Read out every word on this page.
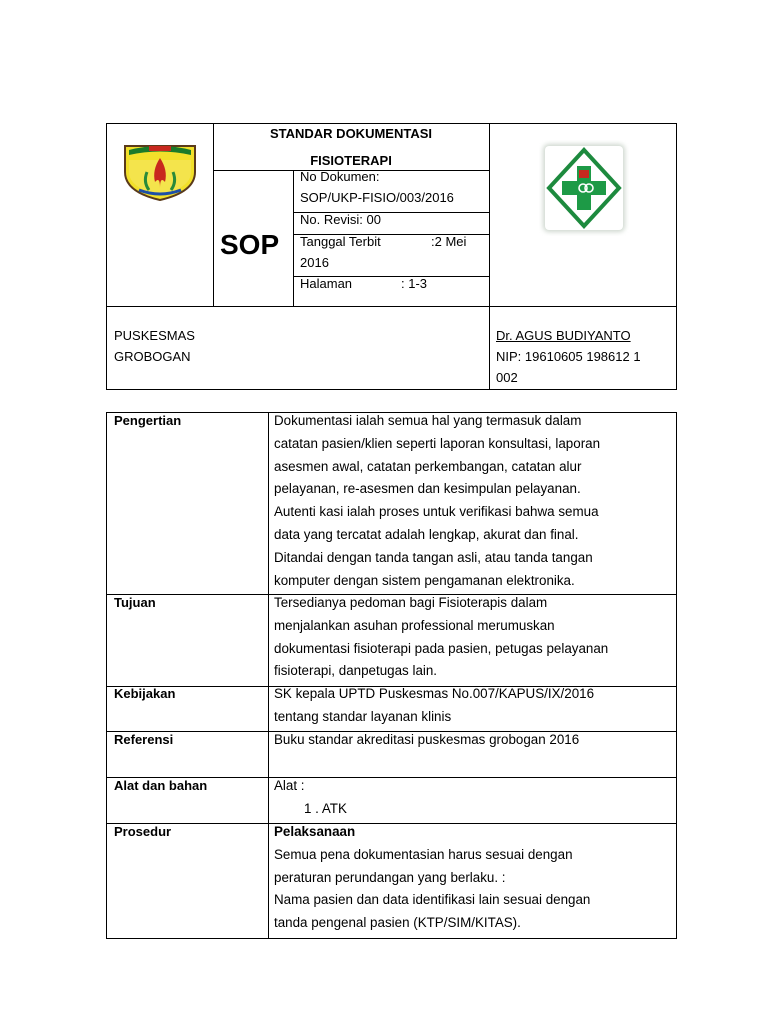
STANDAR DOKUMENTASI
FISIOTERAPI
SOP
No Dokumen:
SOP/UKP-FISIO/003/2016
No. Revisi: 00
Tanggal Terbit	:2 Mei
2016
Halaman	: 1-3
PUSKESMAS
GROBOGAN
Dr. AGUS BUDIYANTO
NIP: 19610605 198612 1
002
Pengertian	Dokumentasi ialah semua hal yang termasuk dalam

catatan pasien/klien seperti laporan konsultasi, laporan

asesmen awal, catatan perkembangan, catatan alur

pelayanan, re-asesmen dan kesimpulan pelayanan.

Autenti kasi ialah proses untuk verifikasi bahwa semua

data yang tercatat adalah lengkap, akurat dan final.

Ditandai dengan tanda tangan asli, atau tanda tangan

komputer dengan sistem pengamanan elektronika.

Tujuan	Tersedianya pedoman bagi Fisioterapis dalam

menjalankan asuhan professional merumuskan

dokumentasi fisioterapi pada pasien, petugas pelayanan

fisioterapi, danpetugas lain.

Kebijakan	SK kepala UPTD Puskesmas No.007/KAPUS/IX/2016

tentang standar layanan klinis

Referensi	Buku standar akreditasi puskesmas grobogan 2016

Alat dan bahan	Alat :

1 . ATK

Prosedur	Pelaksanaan

Semua pena dokumentasian harus sesuai dengan

peraturan perundangan yang berlaku. :

Nama pasien dan data identifikasi lain sesuai dengan

tanda pengenal pasien (KTP/SIM/KITAS).
